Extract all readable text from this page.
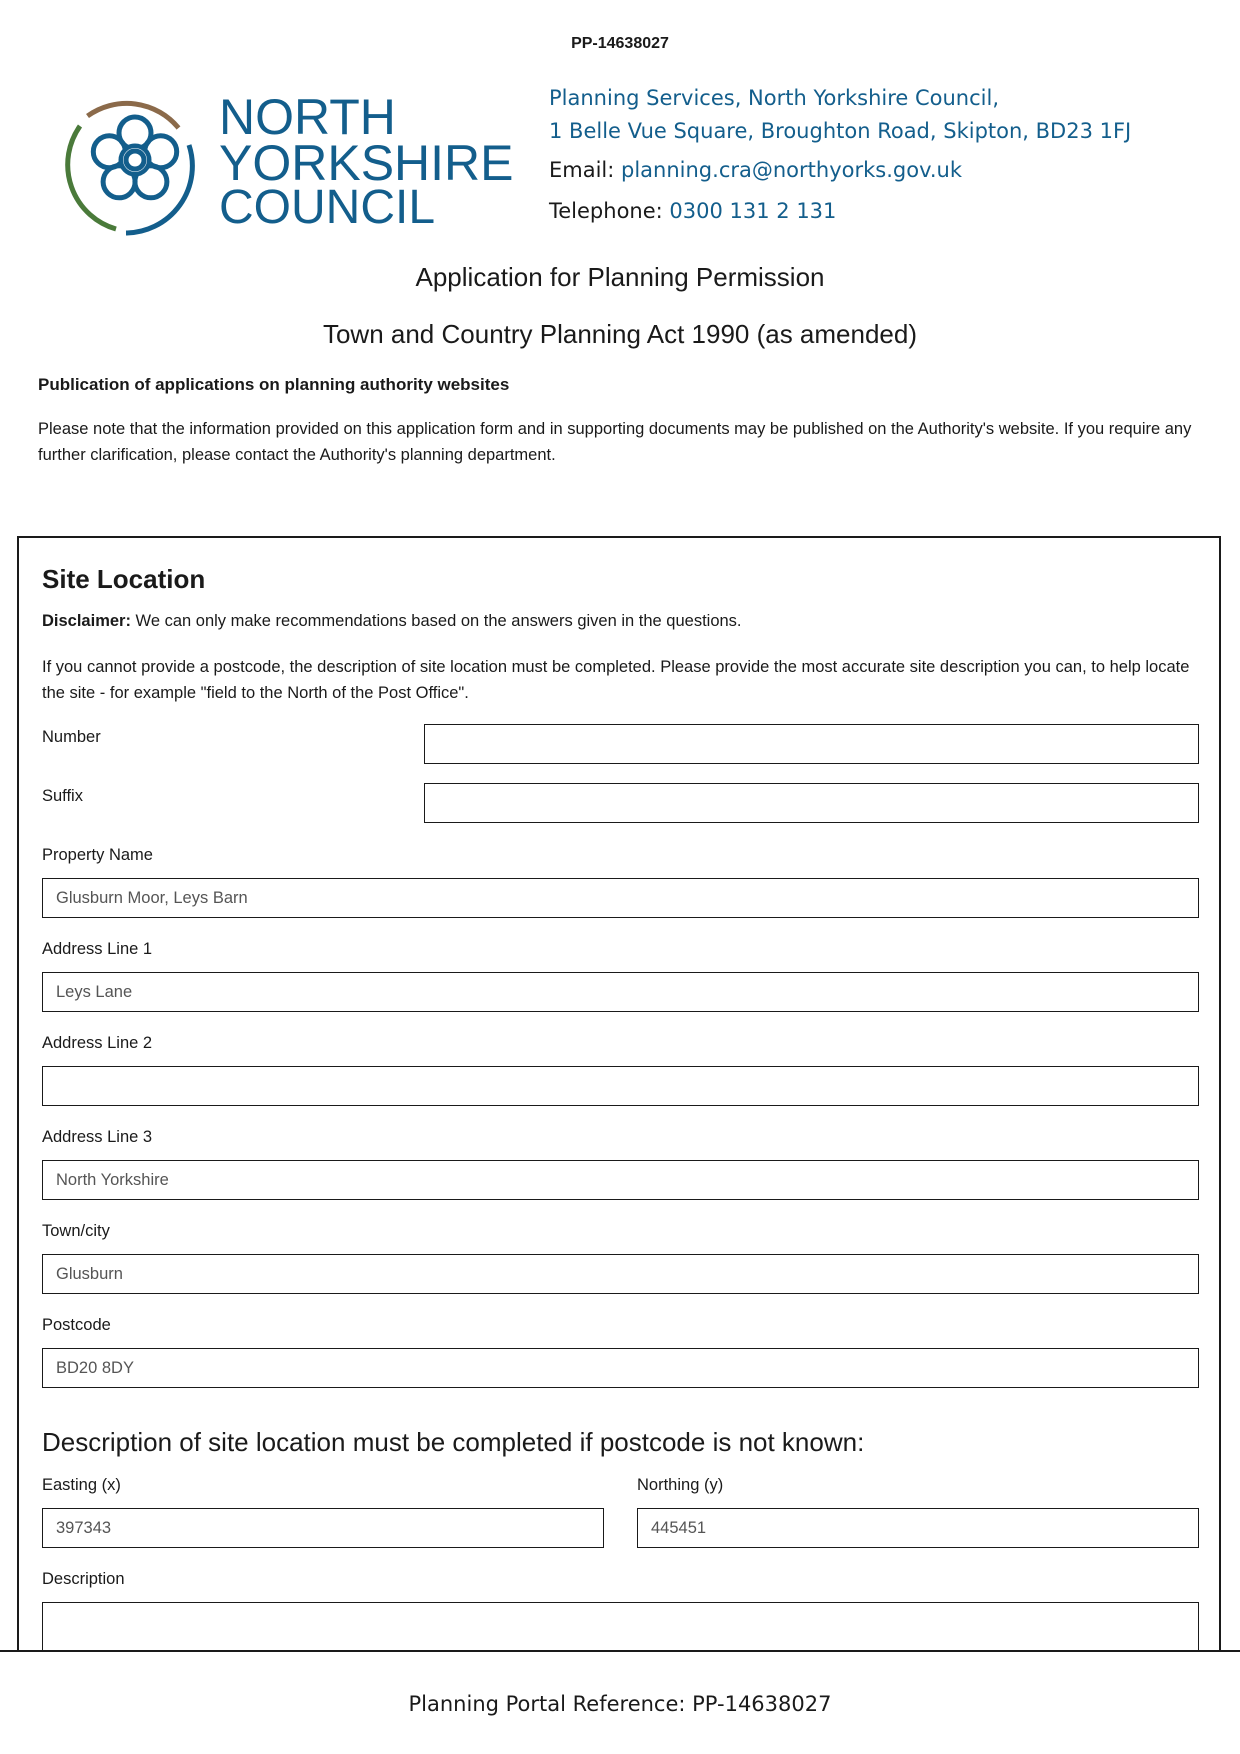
PP-14638027
NORTH
YORKSHIRE
COUNCIL
Planning Services, North Yorkshire Council,
1 Belle Vue Square, Broughton Road, Skipton, BD23 1FJ
Email: planning.cra@northyorks.gov.uk
Telephone: 0300 131 2 131
Application for Planning Permission
Town and Country Planning Act 1990 (as amended)
Publication of applications on planning authority websites
Please note that the information provided on this application form and in supporting documents may be published on the Authority's website. If you require any further clarification, please contact the Authority's planning department.
Site Location
Disclaimer: We can only make recommendations based on the answers given in the questions.
If you cannot provide a postcode, the description of site location must be completed. Please provide the most accurate site description you can, to help locate the site - for example "field to the North of the Post Office".
Number
Suffix
Property Name
Glusburn Moor, Leys Barn
Address Line 1
Leys Lane
Address Line 2
Address Line 3
North Yorkshire
Town/city
Glusburn
Postcode
BD20 8DY
Description of site location must be completed if postcode is not known:
Easting (x)
397343
Northing (y)
445451
Description
Planning Portal Reference: PP-14638027
